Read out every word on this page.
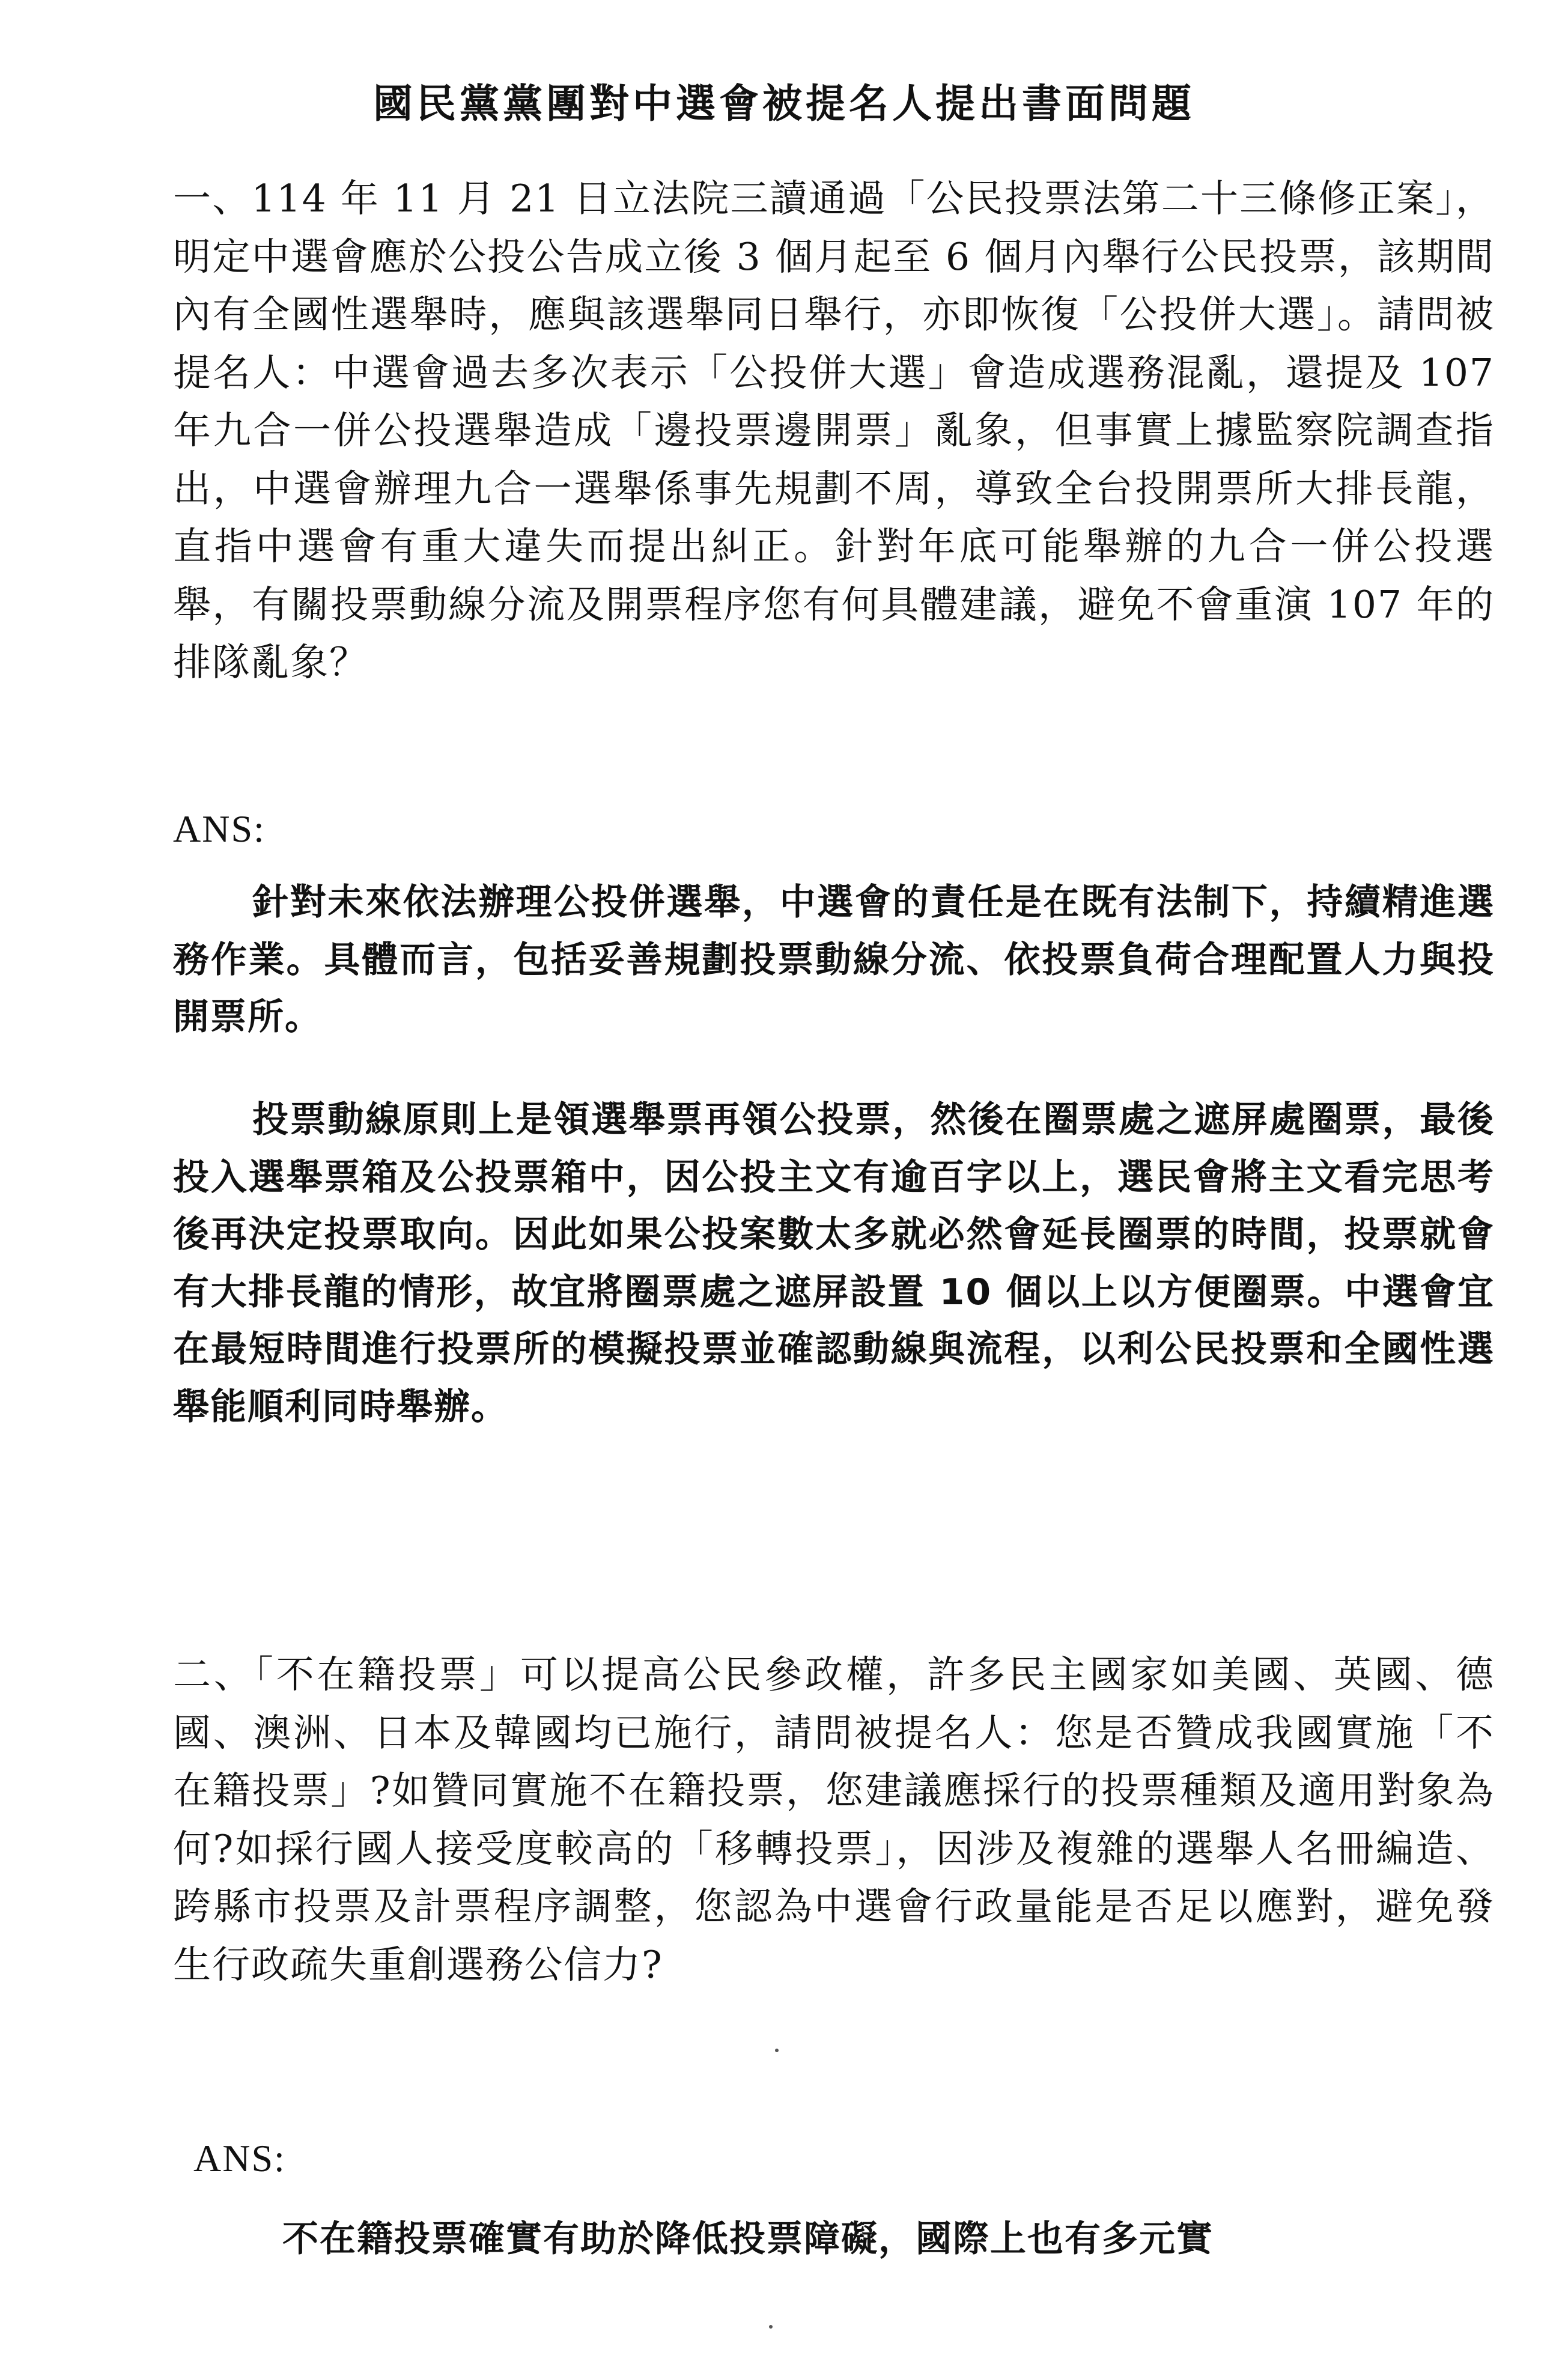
國民黨黨團對中選會被提名人提出書面問題
一、114 年 11 月 21 日立法院三讀通過「公民投票法第二十三條修正案」，明定中選會應於公投公告成立後 3 個月起至 6 個月內舉行公民投票，該期間內有全國性選舉時，應與該選舉同日舉行，亦即恢復「公投併大選」。請問被提名人：中選會過去多次表示「公投併大選」會造成選務混亂，還提及 107 年九合一併公投選舉造成「邊投票邊開票」亂象，但事實上據監察院調查指出，中選會辦理九合一選舉係事先規劃不周，導致全台投開票所大排長龍，直指中選會有重大違失而提出糾正。針對年底可能舉辦的九合一併公投選舉，有關投票動線分流及開票程序您有何具體建議，避免不會重演 107 年的排隊亂象？
ANS:
針對未來依法辦理公投併選舉，中選會的責任是在既有法制下，持續精進選務作業。具體而言，包括妥善規劃投票動線分流、依投票負荷合理配置人力與投開票所。
投票動線原則上是領選舉票再領公投票，然後在圈票處之遮屏處圈票，最後投入選舉票箱及公投票箱中，因公投主文有逾百字以上，選民會將主文看完思考後再決定投票取向。因此如果公投案數太多就必然會延長圈票的時間，投票就會有大排長龍的情形，故宜將圈票處之遮屏設置 10 個以上以方便圈票。中選會宜在最短時間進行投票所的模擬投票並確認動線與流程，以利公民投票和全國性選舉能順利同時舉辦。
二、「不在籍投票」可以提高公民參政權，許多民主國家如美國、英國、德國、澳洲、日本及韓國均已施行，請問被提名人：您是否贊成我國實施「不在籍投票」?如贊同實施不在籍投票，您建議應採行的投票種類及適用對象為何?如採行國人接受度較高的「移轉投票」，因涉及複雜的選舉人名冊編造、跨縣市投票及計票程序調整，您認為中選會行政量能是否足以應對，避免發生行政疏失重創選務公信力?
ANS:
不在籍投票確實有助於降低投票障礙，國際上也有多元實
